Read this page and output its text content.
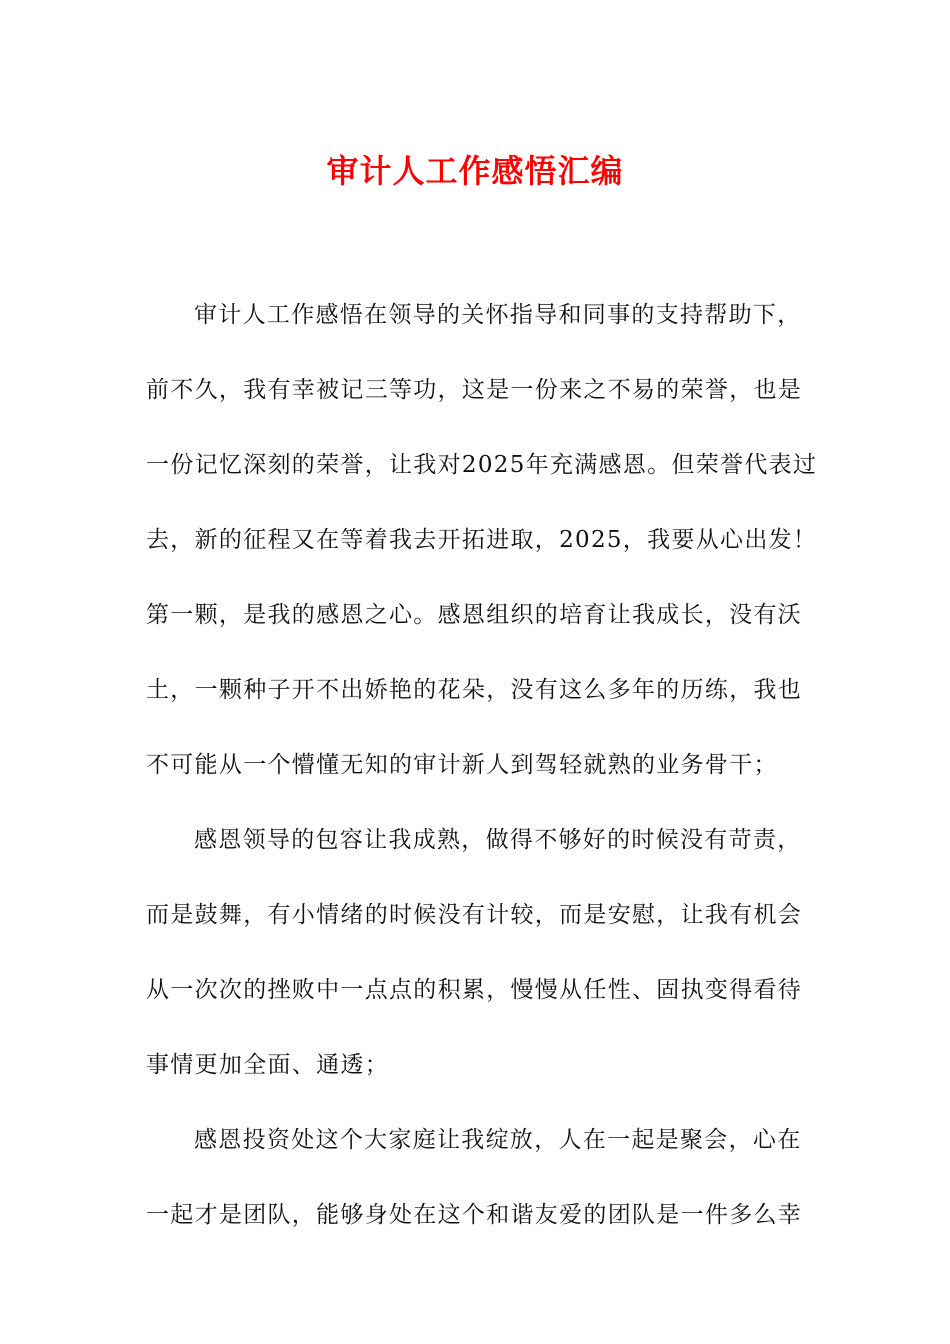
审计人工作感悟汇编
审计人工作感悟在领导的关怀指导和同事的支持帮助下，
前不久，我有幸被记三等功，这是一份来之不易的荣誉，也是
一份记忆深刻的荣誉，让我对2025年充满感恩。但荣誉代表过
去，新的征程又在等着我去开拓进取，2025，我要从心出发！
第一颗，是我的感恩之心。感恩组织的培育让我成长，没有沃
土，一颗种子开不出娇艳的花朵，没有这么多年的历练，我也
不可能从一个懵懂无知的审计新人到驾轻就熟的业务骨干；
感恩领导的包容让我成熟，做得不够好的时候没有苛责，
而是鼓舞，有小情绪的时候没有计较，而是安慰，让我有机会
从一次次的挫败中一点点的积累，慢慢从任性、固执变得看待
事情更加全面、通透；
感恩投资处这个大家庭让我绽放，人在一起是聚会，心在
一起才是团队，能够身处在这个和谐友爱的团队是一件多么幸
